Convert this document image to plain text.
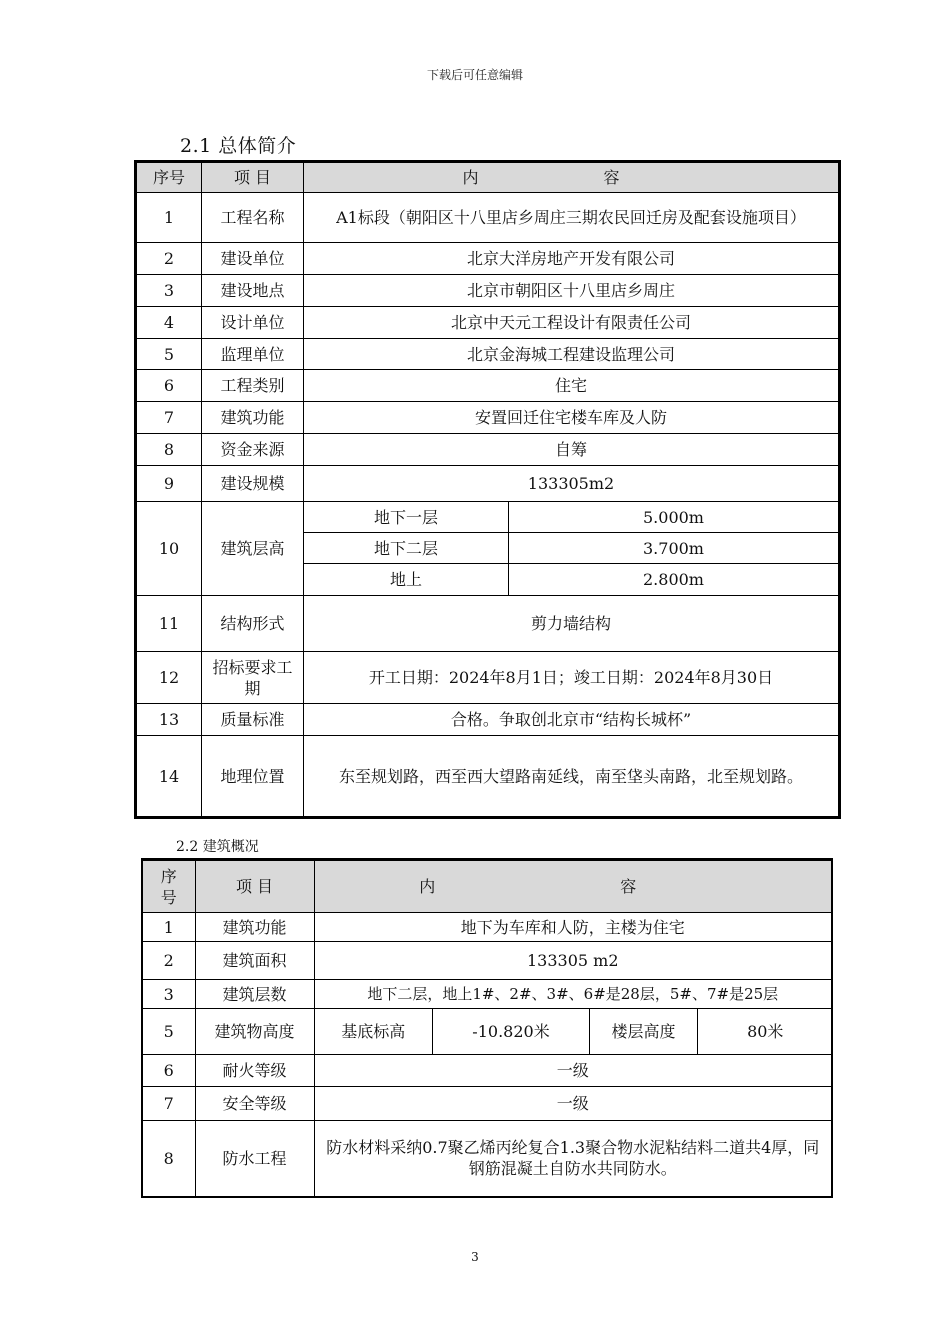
下载后可任意编辑
2.1 总体简介
序号	项 目	内 容	
1	工程名称	A1标段（朝阳区十八里店乡周庄三期农民回迁房及配套设施项目）	
2	建设单位	北京大洋房地产开发有限公司	
3	建设地点	北京市朝阳区十八里店乡周庄	
4	设计单位	北京中天元工程设计有限责任公司	
5	监理单位	北京金海城工程建设监理公司	
6	工程类别	住宅	
7	建筑功能	安置回迁住宅楼车库及人防	
8	资金来源	自筹	
9	建设规模	133305m2	
10	建筑层高	地下一层	5.000m
		地下二层	3.700m
		地上	2.800m
11	结构形式	剪力墙结构	
12	招标要求工期	开工日期：2024年8月1日；竣工日期：2024年8月30日	
13	质量标准	合格。争取创北京市“结构长城杯”	
14	地理位置	东至规划路，西至西大望路南延线，南至垡头南路，北至规划路。	
2.2 建筑概况
序号	项 目	内 容
1	建筑功能	地下为车库和人防，主楼为住宅
2	建筑面积	133305 m2
3	建筑层数	地下二层，地上1#、2#、3#、6#是28层，5#、7#是25层
5	建筑物高度		基底标高	-10.820米	楼层高度	80米

6	耐火等级	一级
7	安全等级	一级
8	防水工程	防水材料采纳0.7聚乙烯丙纶复合1.3聚合物水泥粘结料二道共4厚，同钢筋混凝土自防水共同防水。
3
